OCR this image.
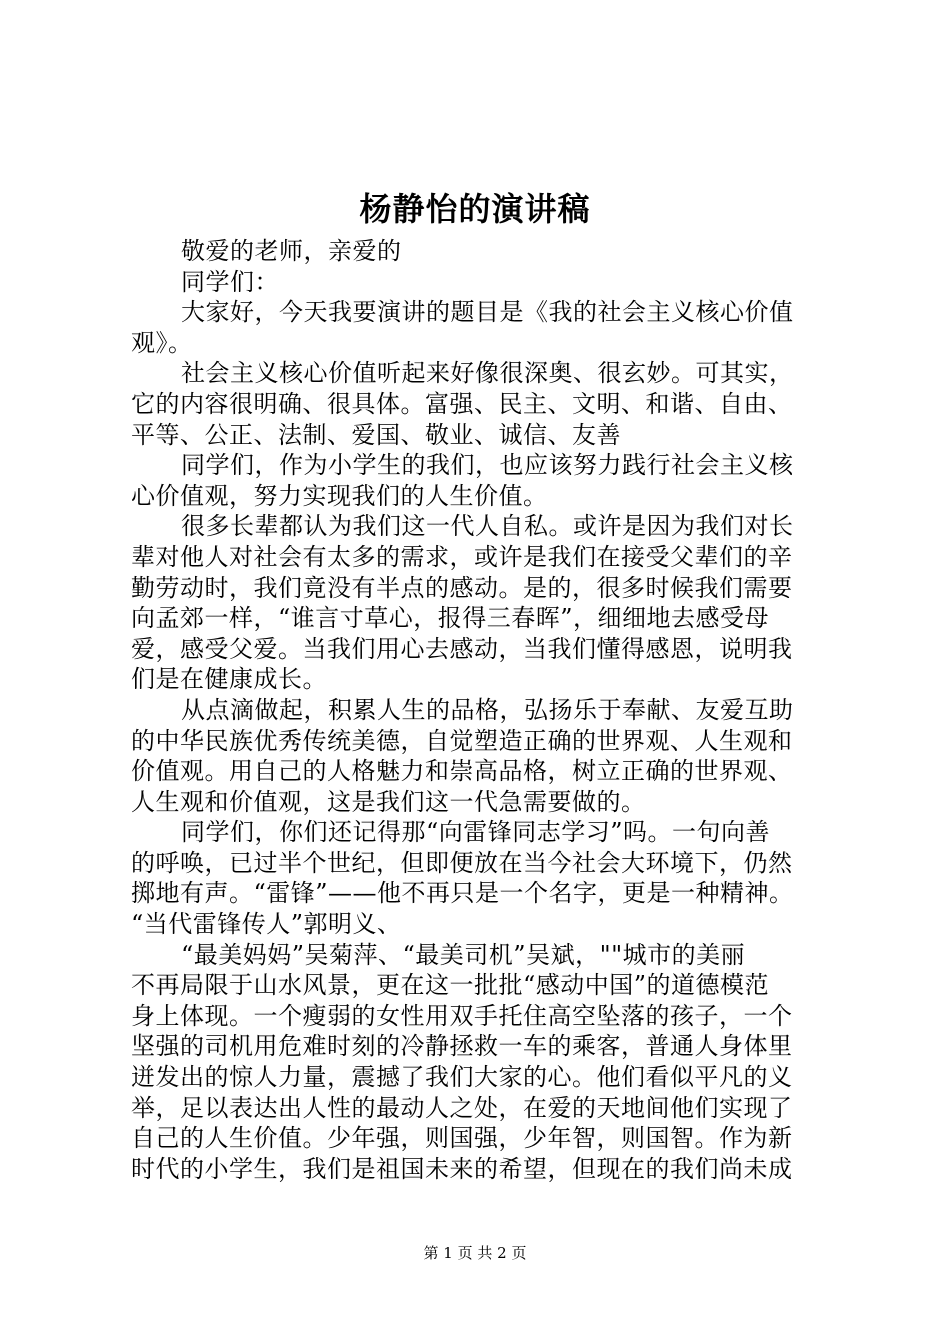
杨静怡的演讲稿
敬爱的老师，亲爱的
同学们：
大家好，今天我要演讲的题目是《我的社会主义核心价值
观》。
社会主义核心价值听起来好像很深奥、很玄妙。可其实，
它的内容很明确、很具体。富强、民主、文明、和谐、自由、
平等、公正、法制、爱国、敬业、诚信、友善
同学们，作为小学生的我们，也应该努力践行社会主义核
心价值观，努力实现我们的人生价值。
很多长辈都认为我们这一代人自私。或许是因为我们对长
辈对他人对社会有太多的需求，或许是我们在接受父辈们的辛
勤劳动时，我们竟没有半点的感动。是的，很多时候我们需要
向孟郊一样，“谁言寸草心，报得三春晖”，细细地去感受母
爱，感受父爱。当我们用心去感动，当我们懂得感恩，说明我
们是在健康成长。
从点滴做起，积累人生的品格，弘扬乐于奉献、友爱互助
的中华民族优秀传统美德，自觉塑造正确的世界观、人生观和
价值观。用自己的人格魅力和崇高品格，树立正确的世界观、
人生观和价值观，这是我们这一代急需要做的。
同学们，你们还记得那“向雷锋同志学习”吗。一句向善
的呼唤，已过半个世纪，但即便放在当今社会大环境下，仍然
掷地有声。“雷锋”——他不再只是一个名字，更是一种精神。
“当代雷锋传人”郭明义、
“最美妈妈”吴菊萍、“最美司机”吴斌，""城市的美丽
不再局限于山水风景，更在这一批批“感动中国”的道德模范
身上体现。一个瘦弱的女性用双手托住高空坠落的孩子，一个
坚强的司机用危难时刻的冷静拯救一车的乘客，普通人身体里
迸发出的惊人力量，震撼了我们大家的心。他们看似平凡的义
举，足以表达出人性的最动人之处，在爱的天地间他们实现了
自己的人生价值。少年强，则国强，少年智，则国智。作为新
时代的小学生，我们是祖国未来的希望，但现在的我们尚未成
第 1 页 共 2 页
